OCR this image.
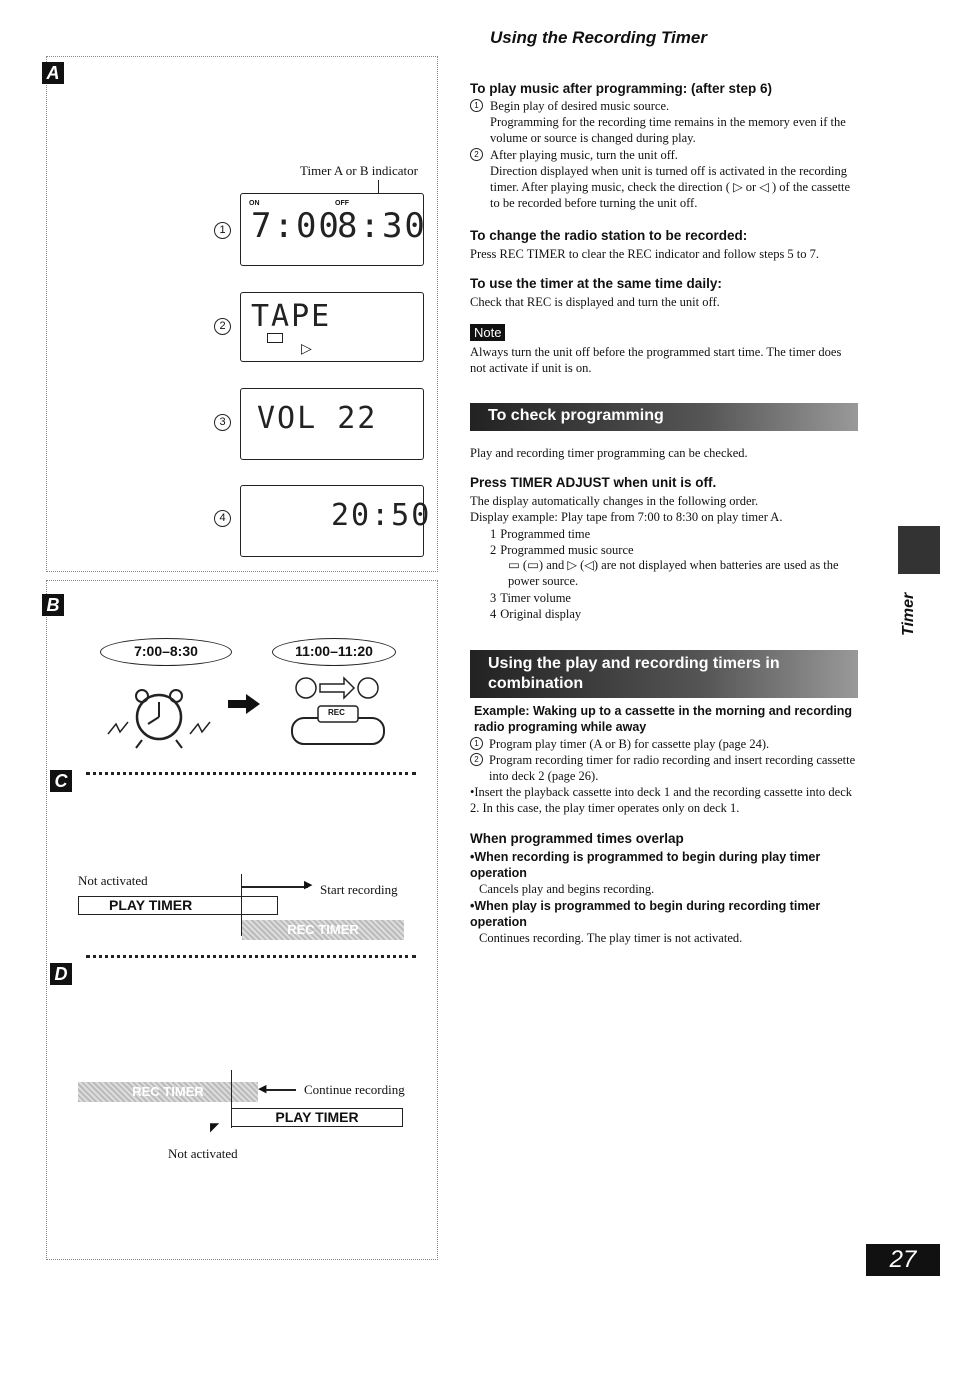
A
Timer A or B indicator
1
ON	OFF
7:00
8:30
2 TAPE
▷
3 VOL 22
4	20:50
B
7:00–8:30	11:00–11:20
REC
C
Not activated
PLAY TIMER
▶ Start recording
REC TIMER
D
REC TIMER	◀	Continue recording
PLAY TIMER
◤
Not activated
Using the Recording Timer
To play music after programming: (after step 6)
1 Begin play of desired music source.
Programming for the recording time remains in the memory even if the volume or source is changed during play.
2 After playing music, turn the unit off.
Direction displayed when unit is turned off is activated in the recording timer. After playing music, check the direction ( ▷ or ◁ ) of the cassette to be recorded before turning the unit off.
To change the radio station to be recorded:
Press REC TIMER to clear the REC indicator and follow steps 5 to 7.
To use the timer at the same time daily:
Check that REC is displayed and turn the unit off.
Note
Always turn the unit off before the programmed start time. The timer does not activate if unit is on.
To check programming
Play and recording timer programming can be checked.
Press TIMER ADJUST when unit is off.
The display automatically changes in the following order.
Display example: Play tape from 7:00 to 8:30 on play timer A.
1 Programmed time
2 Programmed music source
▭ (▭) and ▷ (◁) are not displayed when batteries are used as the power source.
3 Timer volume
4 Original display
Using the play and recording timers in
combination
Example: Waking up to a cassette in the morning and recording radio programing while away
1 Program play timer (A or B) for cassette play (page 24).
2 Program recording timer for radio recording and insert recording cassette into deck 2 (page 26).
•Insert the playback cassette into deck 1 and the recording cassette into deck 2. In this case, the play timer operates only on deck 1.
When programmed times overlap
•When recording is programmed to begin during play timer operation
Cancels play and begins recording.
•When play is programmed to begin during recording timer operation
Continues recording. The play timer is not activated.
Timer
27
